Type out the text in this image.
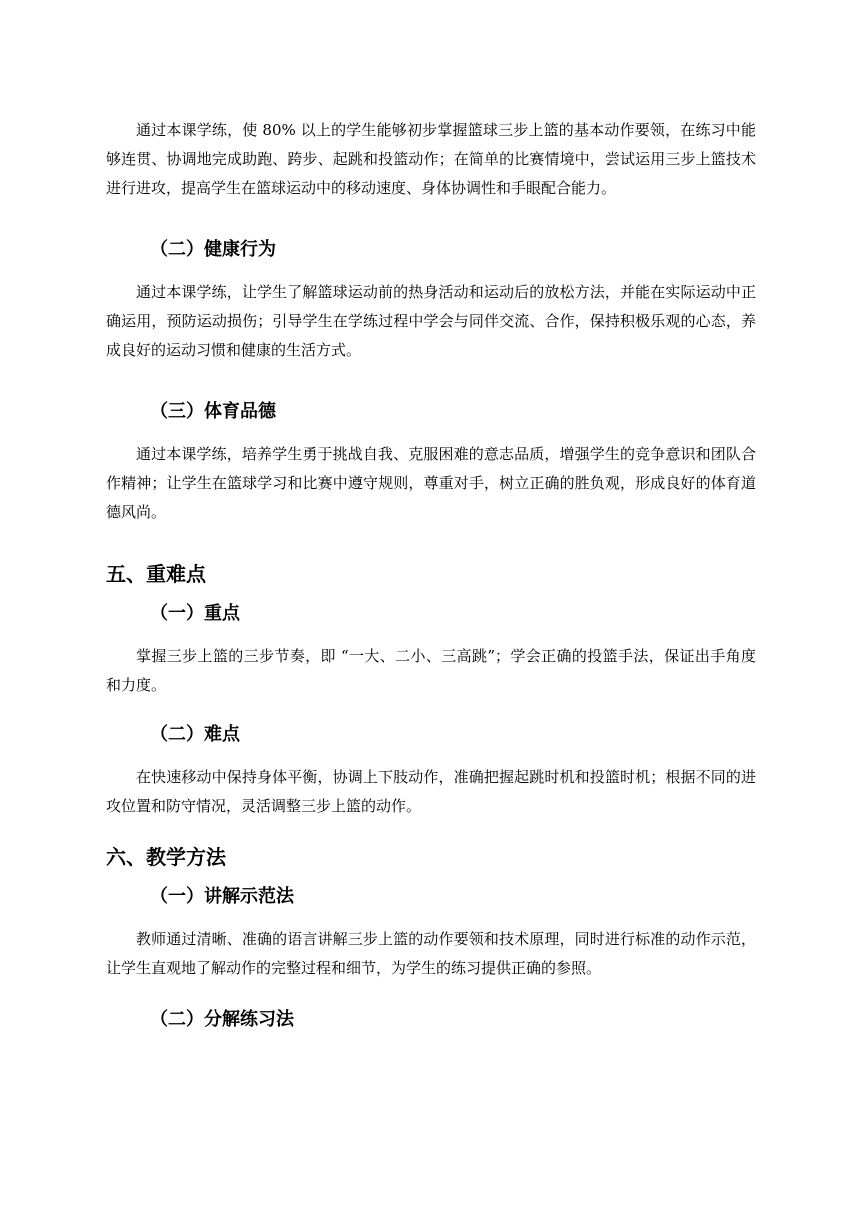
通过本课学练，使 80% 以上的学生能够初步掌握篮球三步上篮的基本动作要领，在练习中能够连贯、协调地完成助跑、跨步、起跳和投篮动作；在简单的比赛情境中，尝试运用三步上篮技术进行进攻，提高学生在篮球运动中的移动速度、身体协调性和手眼配合能力。

（二）健康行为

通过本课学练，让学生了解篮球运动前的热身活动和运动后的放松方法，并能在实际运动中正确运用，预防运动损伤；引导学生在学练过程中学会与同伴交流、合作，保持积极乐观的心态，养成良好的运动习惯和健康的生活方式。

（三）体育品德

通过本课学练，培养学生勇于挑战自我、克服困难的意志品质，增强学生的竞争意识和团队合作精神；让学生在篮球学习和比赛中遵守规则，尊重对手，树立正确的胜负观，形成良好的体育道德风尚。

五、重难点
（一）重点

掌握三步上篮的三步节奏，即 “一大、二小、三高跳”；学会正确的投篮手法，保证出手角度和力度。

（二）难点

在快速移动中保持身体平衡，协调上下肢动作，准确把握起跳时机和投篮时机；根据不同的进攻位置和防守情况，灵活调整三步上篮的动作。

六、教学方法
（一）讲解示范法

教师通过清晰、准确的语言讲解三步上篮的动作要领和技术原理，同时进行标准的动作示范，让学生直观地了解动作的完整过程和细节，为学生的练习提供正确的参照。

（二）分解练习法
